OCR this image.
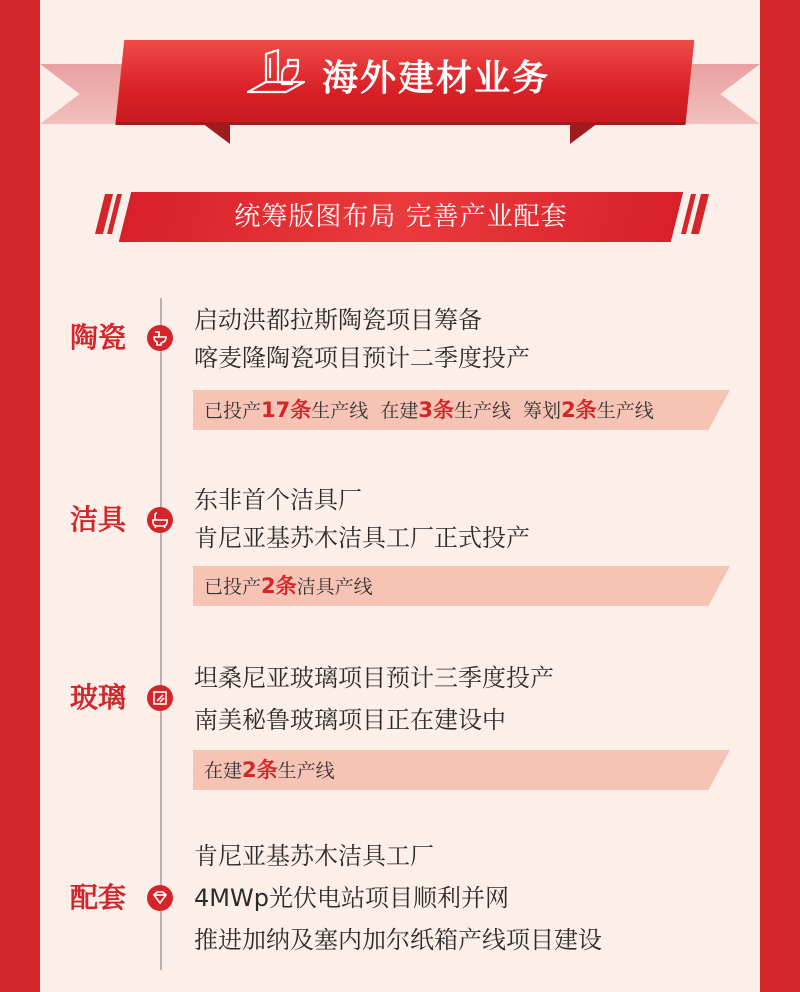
海外建材业务
统筹版图布局 完善产业配套
陶瓷
启动洪都拉斯陶瓷项目筹备
喀麦隆陶瓷项目预计二季度投产
已投产17条生产线  在建3条生产线  筹划2条生产线
洁具
东非首个洁具厂
肯尼亚基苏木洁具工厂正式投产
已投产2条洁具产线
玻璃
坦桑尼亚玻璃项目预计三季度投产
南美秘鲁玻璃项目正在建设中
在建2条生产线
配套
肯尼亚基苏木洁具工厂
4MWp光伏电站项目顺利并网
推进加纳及塞内加尔纸箱产线项目建设
